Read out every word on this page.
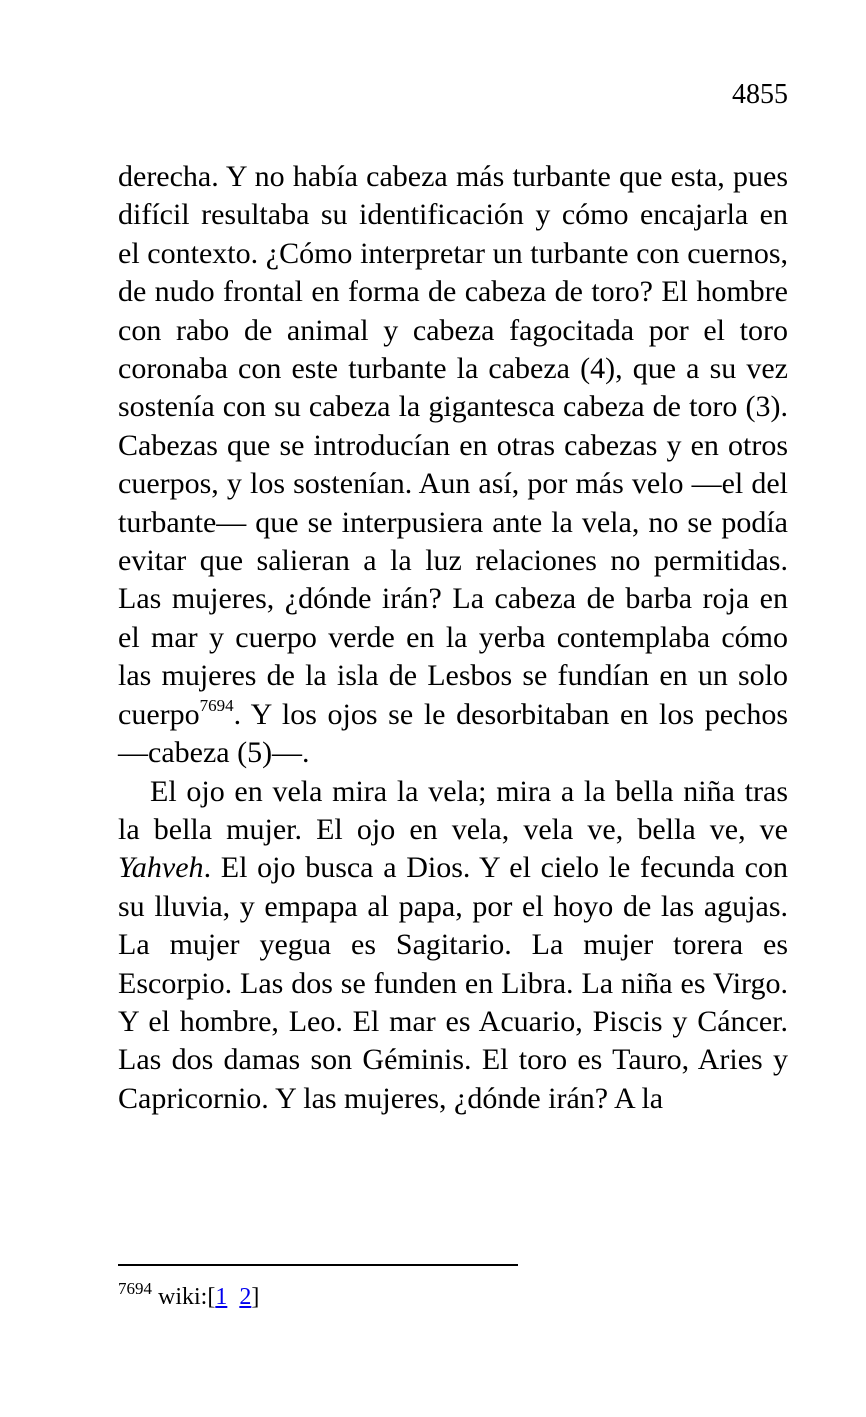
4855

derecha. Y no había cabeza más turbante que esta, pues difícil resultaba su identificación y cómo encajarla en el contexto. ¿Cómo interpretar un turbante con cuernos, de nudo frontal en forma de cabeza de toro? El hombre con rabo de animal y cabeza fagocitada por el toro coronaba con este turbante la cabeza (4), que a su vez sostenía con su cabeza la gigantesca cabeza de toro (3). Cabezas que se introducían en otras cabezas y en otros cuerpos, y los sostenían. Aun así, por más velo —el del turbante— que se interpusiera ante la vela, no se podía evitar que salieran a la luz relaciones no permitidas. Las mujeres, ¿dónde irán? La cabeza de barba roja en el mar y cuerpo verde en la yerba contemplaba cómo las mujeres de la isla de Lesbos se fundían en un solo cuerpo$^{7694}$. Y los ojos se le desorbitaban en los pechos —cabeza (5)—.

El ojo en vela mira la vela; mira a la bella niña tras la bella mujer. El ojo en vela, vela ve, bella ve, ve Yahveh. El ojo busca a Dios. Y el cielo le fecunda con su lluvia, y empapa al papa, por el hoyo de las agujas. La mujer yegua es Sagitario. La mujer torera es Escorpio. Las dos se funden en Libra. La niña es Virgo. Y el hombre, Leo. El mar es Acuario, Piscis y Cáncer. Las dos damas son Géminis. El toro es Tauro, Aries y Capricornio. Y las mujeres, ¿dónde irán? A la

$^{7694}$ wiki:[1 2]
